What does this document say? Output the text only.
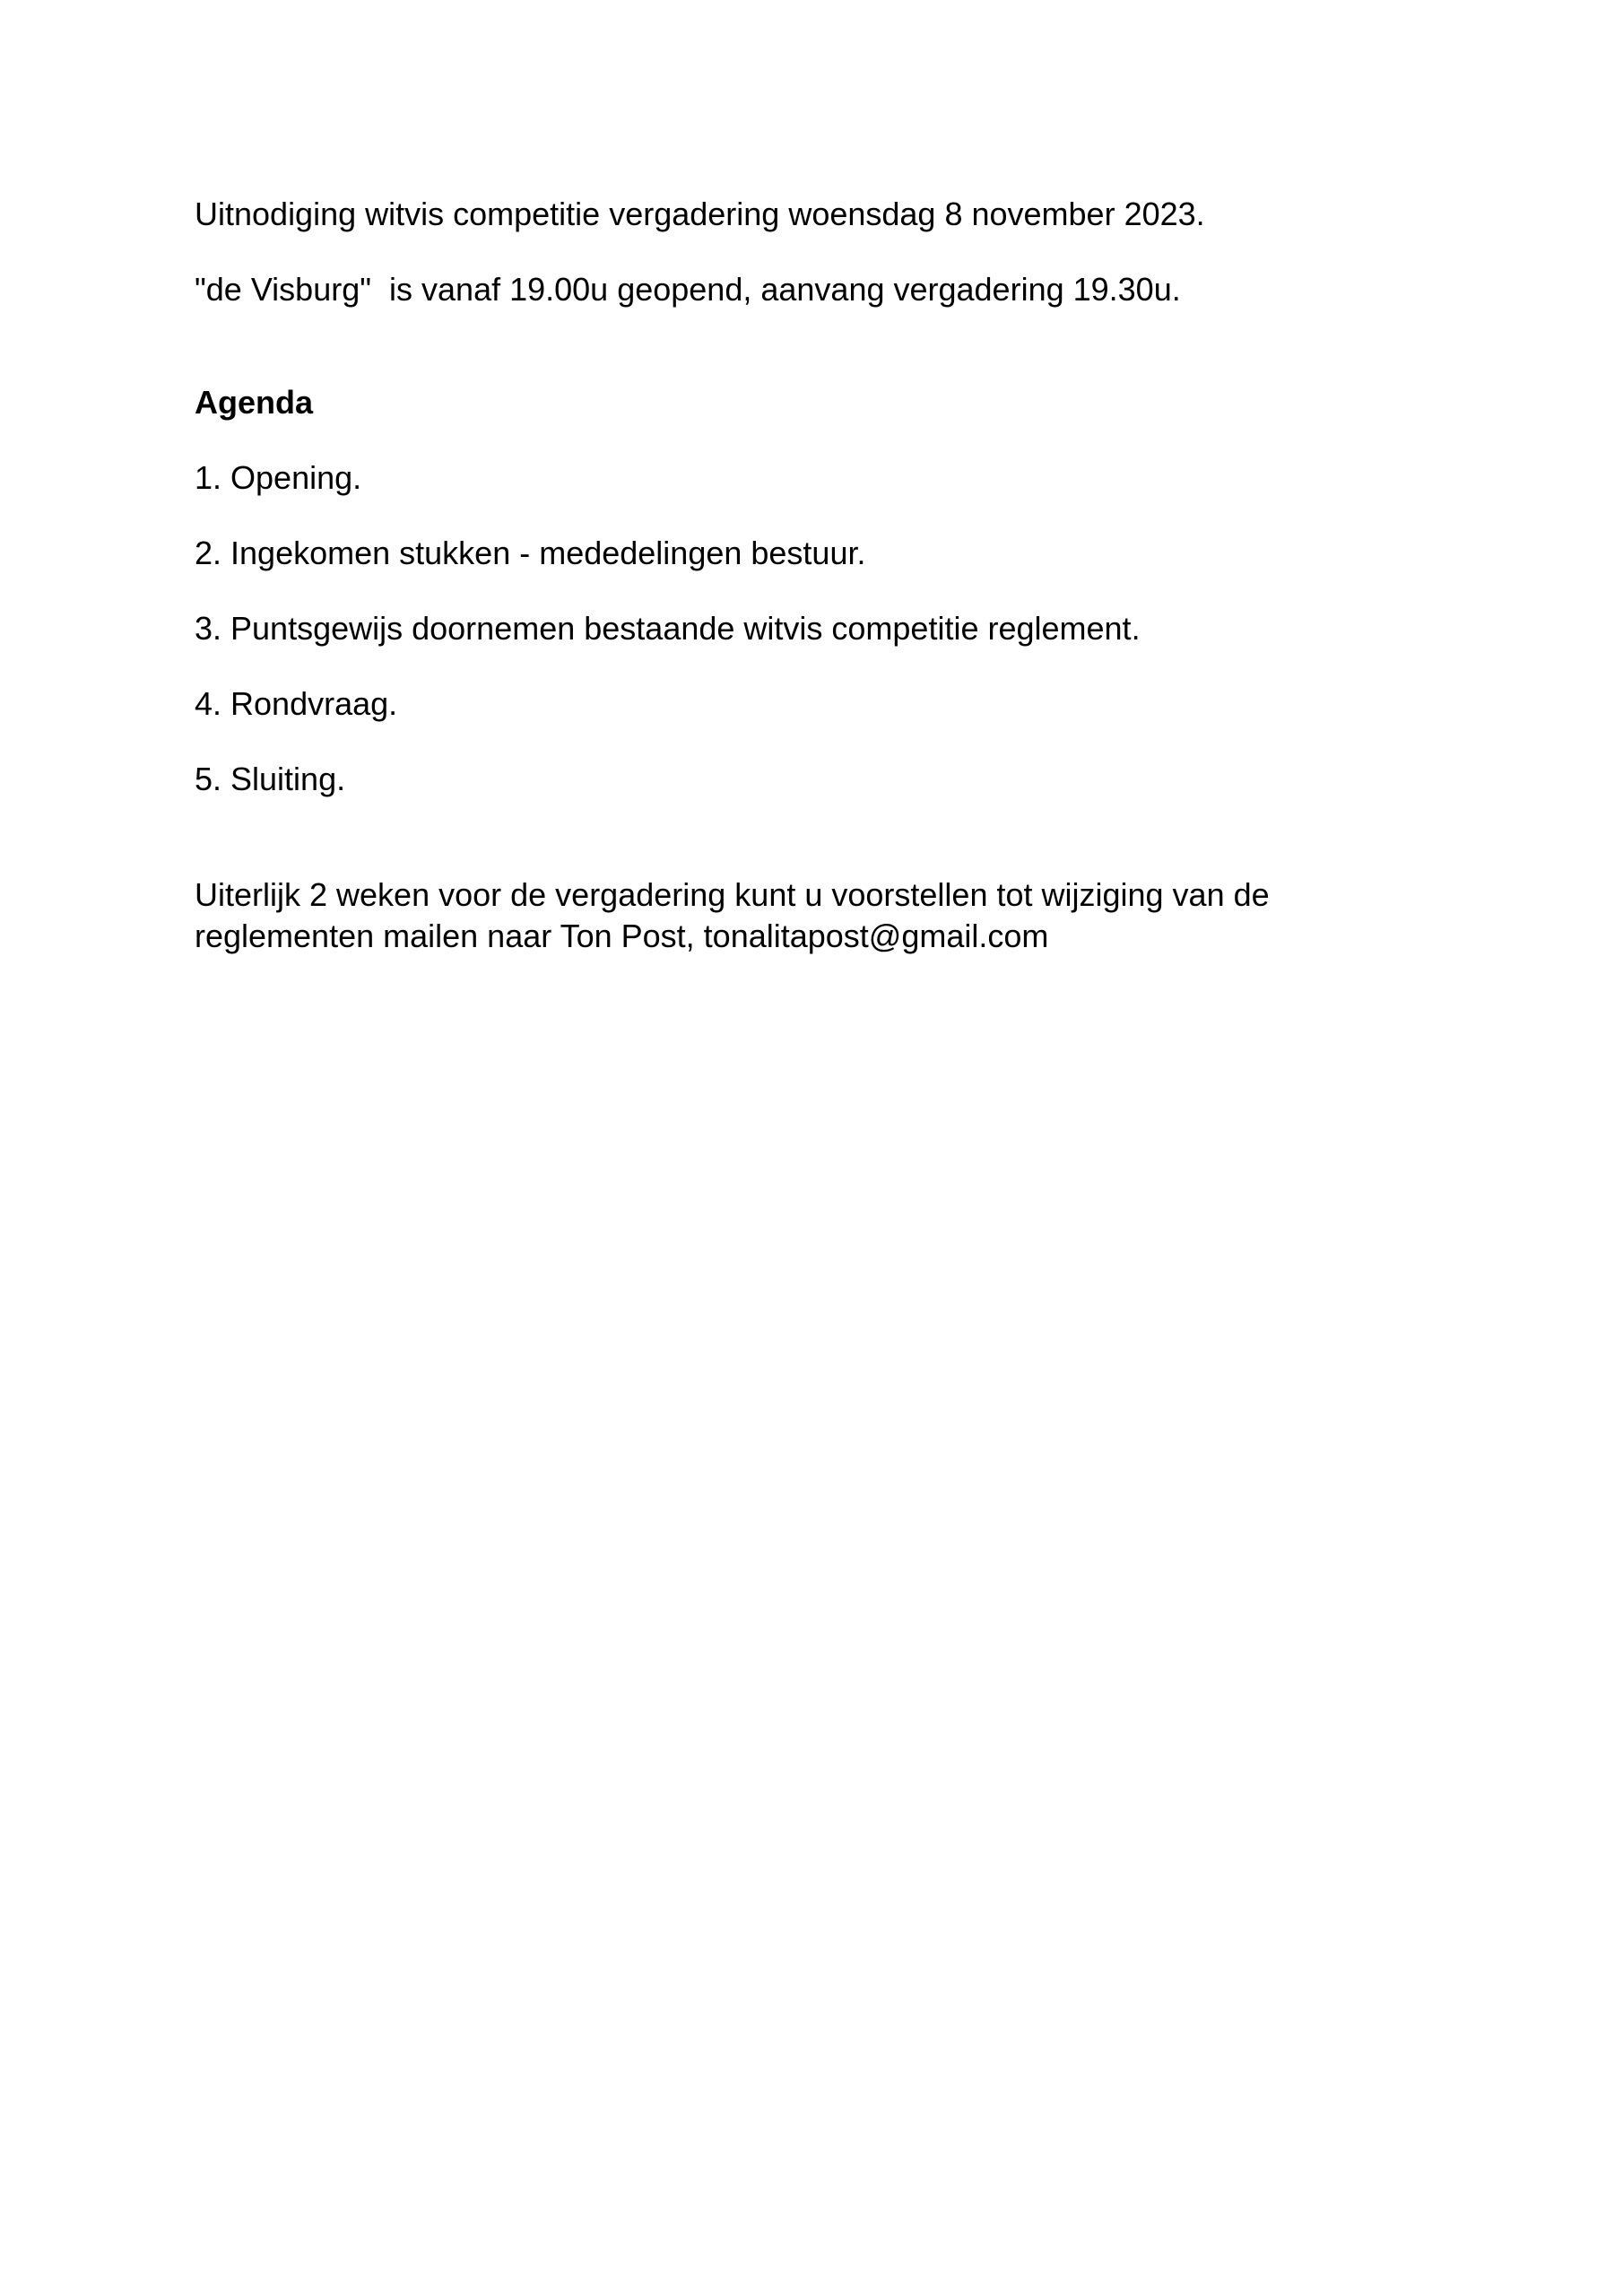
Uitnodiging witvis competitie vergadering woensdag 8 november 2023.

"de Visburg"  is vanaf 19.00u geopend, aanvang vergadering 19.30u.

Agenda

1. Opening.

2. Ingekomen stukken - mededelingen bestuur.

3. Puntsgewijs doornemen bestaande witvis competitie reglement.

4. Rondvraag.

5. Sluiting.

Uiterlijk 2 weken voor de vergadering kunt u voorstellen tot wijziging van de
reglementen mailen naar Ton Post, tonalitapost@gmail.com
